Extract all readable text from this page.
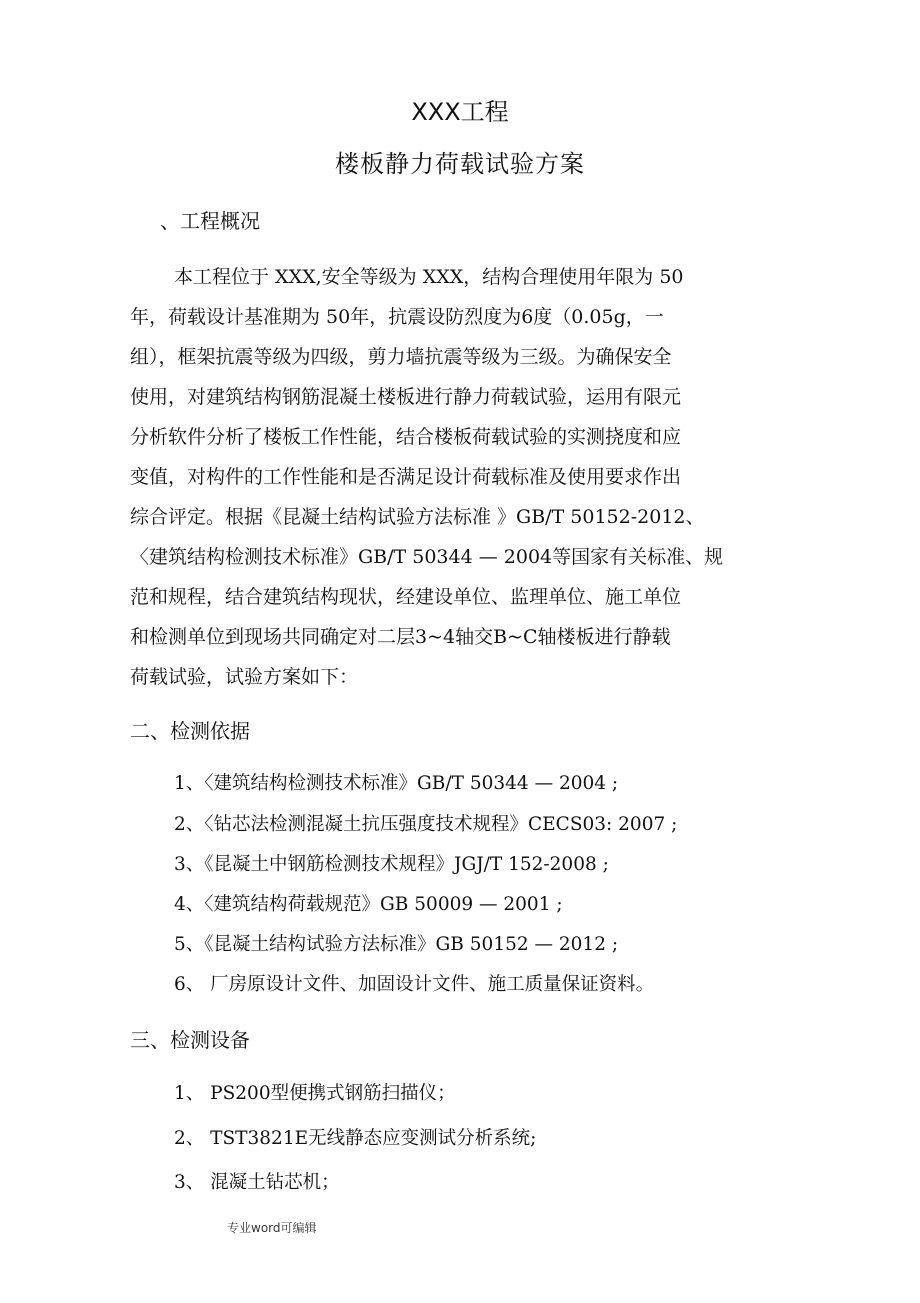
XXX工程
楼板静力荷载试验方案
、工程概况
本工程位于 XXX,安全等级为 XXX，结构合理使用年限为 50
年，荷载设计基准期为 50年，抗震设防烈度为6度（0.05g，一
组），框架抗震等级为四级，剪力墙抗震等级为三级。为确保安全
使用，对建筑结构钢筋混凝土楼板进行静力荷载试验，运用有限元
分析软件分析了楼板工作性能，结合楼板荷载试验的实测挠度和应
变值，对构件的工作性能和是否满足设计荷载标准及使用要求作出
综合评定。根据《昆凝土结构试验方法标准 》GB/T 50152-2012、
〈建筑结构检测技术标准》GB/T 50344 — 2004等国家有关标准、规
范和规程，结合建筑结构现状，经建设单位、监理单位、施工单位
和检测单位到现场共同确定对二层3~4轴交B~C轴楼板进行静载
荷载试验，试验方案如下：
二、检测依据
1、〈建筑结构检测技术标准》GB/T 50344 — 2004 ;
2、〈钻芯法检测混凝土抗压强度技术规程》CECS03: 2007 ;
3、《昆凝土中钢筋检测技术规程》JGJ/T 152-2008 ;
4、〈建筑结构荷载规范》GB 50009 — 2001 ;
5、《昆凝土结构试验方法标准》GB 50152 — 2012 ;
6、 厂房原设计文件、加固设计文件、施工质量保证资料。
三、检测设备
1、 PS200型便携式钢筋扫描仪；
2、 TST3821E无线静态应变测试分析系统;
3、 混凝土钻芯机；
专业word可编辑
